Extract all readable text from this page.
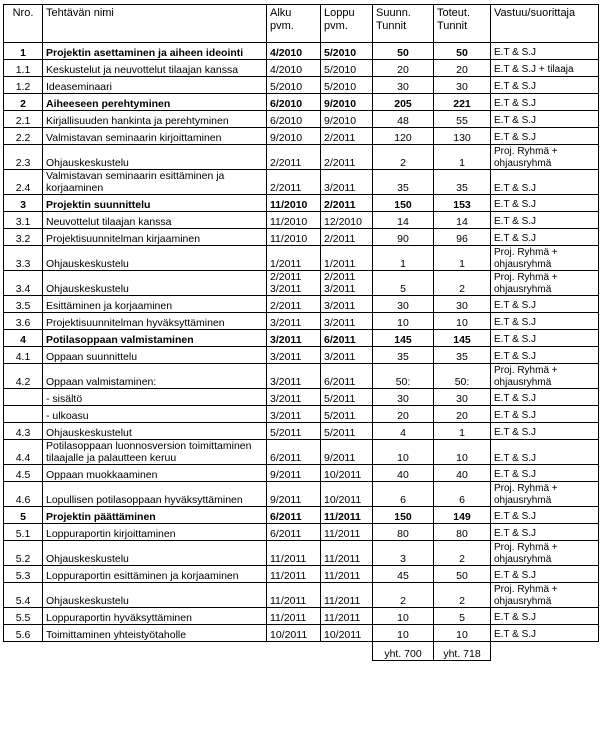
Nro.	Tehtävän nimi	Alku pvm.	Loppu pvm.	Suunn. Tunnit	Toteut. Tunnit	Vastuu/suorittaja
1	Projektin asettaminen ja aiheen ideointi	4/2010	5/2010	50	50	E.T & S.J
1.1	Keskustelut ja neuvottelut tilaajan kanssa	4/2010	5/2010	20	20	E.T & S.J + tilaaja
1.2	Ideaseminaari	5/2010	5/2010	30	30	E.T & S.J
2	Aiheeseen perehtyminen	6/2010	9/2010	205	221	E.T & S.J
2.1	Kirjallisuuden hankinta ja perehtyminen	6/2010	9/2010	48	55	E.T & S.J
2.2	Valmistavan seminaarin kirjoittaminen	9/2010	2/2011	120	130	E.T & S.J
2.3	Ohjauskeskustelu	2/2011	2/2011	2	1	Proj. Ryhmä + ohjausryhmä
2.4	Valmistavan seminaarin esittäminen ja korjaaminen	2/2011	3/2011	35	35	E.T & S.J
3	Projektin suunnittelu	11/2010	2/2011	150	153	E.T & S.J
3.1	Neuvottelut tilaajan kanssa	11/2010	12/2010	14	14	E.T & S.J
3.2	Projektisuunnitelman kirjaaminen	11/2010	2/2011	90	96	E.T & S.J
3.3	Ohjauskeskustelu	1/2011	1/2011	1	1	Proj. Ryhmä + ohjausryhmä
3.4	Ohjauskeskustelu	2/2011 3/2011	2/2011 3/2011	5	2	Proj. Ryhmä + ohjausryhmä
3.5	Esittäminen ja korjaaminen	2/2011	3/2011	30	30	E.T & S.J
3.6	Projektisuunnitelman hyväksyttäminen	3/2011	3/2011	10	10	E.T & S.J
4	Potilasoppaan valmistaminen	3/2011	6/2011	145	145	E.T & S.J
4.1	Oppaan suunnittelu	3/2011	3/2011	35	35	E.T & S.J
4.2	Oppaan valmistaminen:	3/2011	6/2011	50:	50:	Proj. Ryhmä + ohjausryhmä
	- sisältö	3/2011	5/2011	30	30	E.T & S.J
	- ulkoasu	3/2011	5/2011	20	20	E.T & S.J
4.3	Ohjauskeskustelut	5/2011	5/2011	4	1	E.T & S.J
4.4	Potilasoppaan luonnosversion toimittaminen tilaajalle ja palautteen keruu	6/2011	9/2011	10	10	E.T & S.J
4.5	Oppaan muokkaaminen	9/2011	10/2011	40	40	E.T & S.J
4.6	Lopullisen potilasoppaan hyväksyttäminen	9/2011	10/2011	6	6	Proj. Ryhmä + ohjausryhmä
5	Projektin päättäminen	6/2011	11/2011	150	149	E.T & S.J
5.1	Loppuraportin kirjoittaminen	6/2011	11/2011	80	80	E.T & S.J
5.2	Ohjauskeskustelu	11/2011	11/2011	3	2	Proj. Ryhmä + ohjausryhmä
5.3	Loppuraportin esittäminen ja korjaaminen	11/2011	11/2011	45	50	E.T & S.J
5.4	Ohjauskeskustelu	11/2011	11/2011	2	2	Proj. Ryhmä + ohjausryhmä
5.5	Loppuraportin hyväksyttäminen	11/2011	11/2011	10	5	E.T & S.J
5.6	Toimittaminen yhteistyötaholle	10/2011	10/2011	10	10	E.T & S.J
				yht. 700	yht. 718	
